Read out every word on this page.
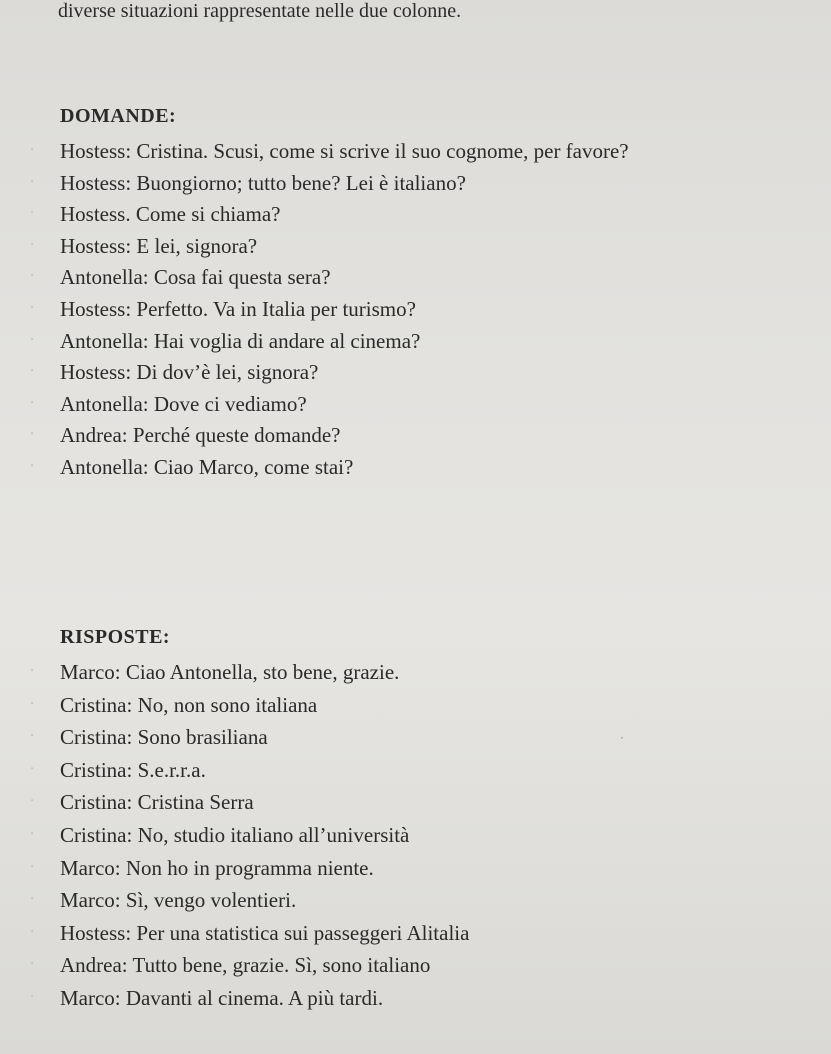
diverse situazioni rappresentate nelle due colonne.
DOMANDE:
·	Hostess: Cristina. Scusi, come si scrive il suo cognome, per favore?
·	Hostess: Buongiorno; tutto bene? Lei è italiano?
·	Hostess. Come si chiama?
·	Hostess: E lei, signora?
·	Antonella: Cosa fai questa sera?
·	Hostess: Perfetto. Va in Italia per turismo?
·	Antonella: Hai voglia di andare al cinema?
·	Hostess: Di dov’è lei, signora?
·	Antonella: Dove ci vediamo?
·	Andrea: Perché queste domande?
·	Antonella: Ciao Marco, come stai?
RISPOSTE:
·	Marco: Ciao Antonella, sto bene, grazie.
·	Cristina: No, non sono italiana
·	Cristina: Sono brasiliana
·	Cristina: S.e.r.r.a.
·	Cristina: Cristina Serra
·	Cristina: No, studio italiano all’università
·	Marco: Non ho in programma niente.
·	Marco: Sì, vengo volentieri.
·	Hostess: Per una statistica sui passeggeri Alitalia
·	Andrea: Tutto bene, grazie. Sì, sono italiano
·	Marco: Davanti al cinema. A più tardi.
·
